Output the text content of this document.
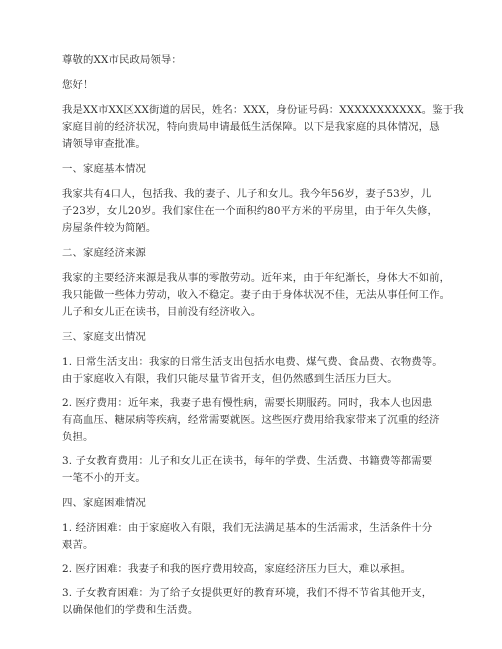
尊敬的XX市民政局领导：

您好！

我是XX市XX区XX街道的居民，姓名：XXX，身份证号码：XXXXXXXXXXX。鉴于我

家庭目前的经济状况，特向贵局申请最低生活保障。以下是我家庭的具体情况，恳

请领导审查批准。

一、家庭基本情况

我家共有4口人，包括我、我的妻子、儿子和女儿。我今年56岁，妻子53岁，儿

子23岁，女儿20岁。我们家住在一个面积约80平方米的平房里，由于年久失修，

房屋条件较为简陋。

二、家庭经济来源

我家的主要经济来源是我从事的零散劳动。近年来，由于年纪渐长，身体大不如前，

我只能做一些体力劳动，收入不稳定。妻子由于身体状况不佳，无法从事任何工作。

儿子和女儿正在读书，目前没有经济收入。

三、家庭支出情况

1. 日常生活支出：我家的日常生活支出包括水电费、煤气费、食品费、衣物费等。

由于家庭收入有限，我们只能尽量节省开支，但仍然感到生活压力巨大。

2. 医疗费用：近年来，我妻子患有慢性病，需要长期服药。同时，我本人也因患

有高血压、糖尿病等疾病，经常需要就医。这些医疗费用给我家带来了沉重的经济

负担。

3. 子女教育费用：儿子和女儿正在读书，每年的学费、生活费、书籍费等都需要

一笔不小的开支。

四、家庭困难情况

1. 经济困难：由于家庭收入有限，我们无法满足基本的生活需求，生活条件十分

艰苦。

2. 医疗困难：我妻子和我的医疗费用较高，家庭经济压力巨大，难以承担。

3. 子女教育困难：为了给子女提供更好的教育环境，我们不得不节省其他开支，

以确保他们的学费和生活费。
